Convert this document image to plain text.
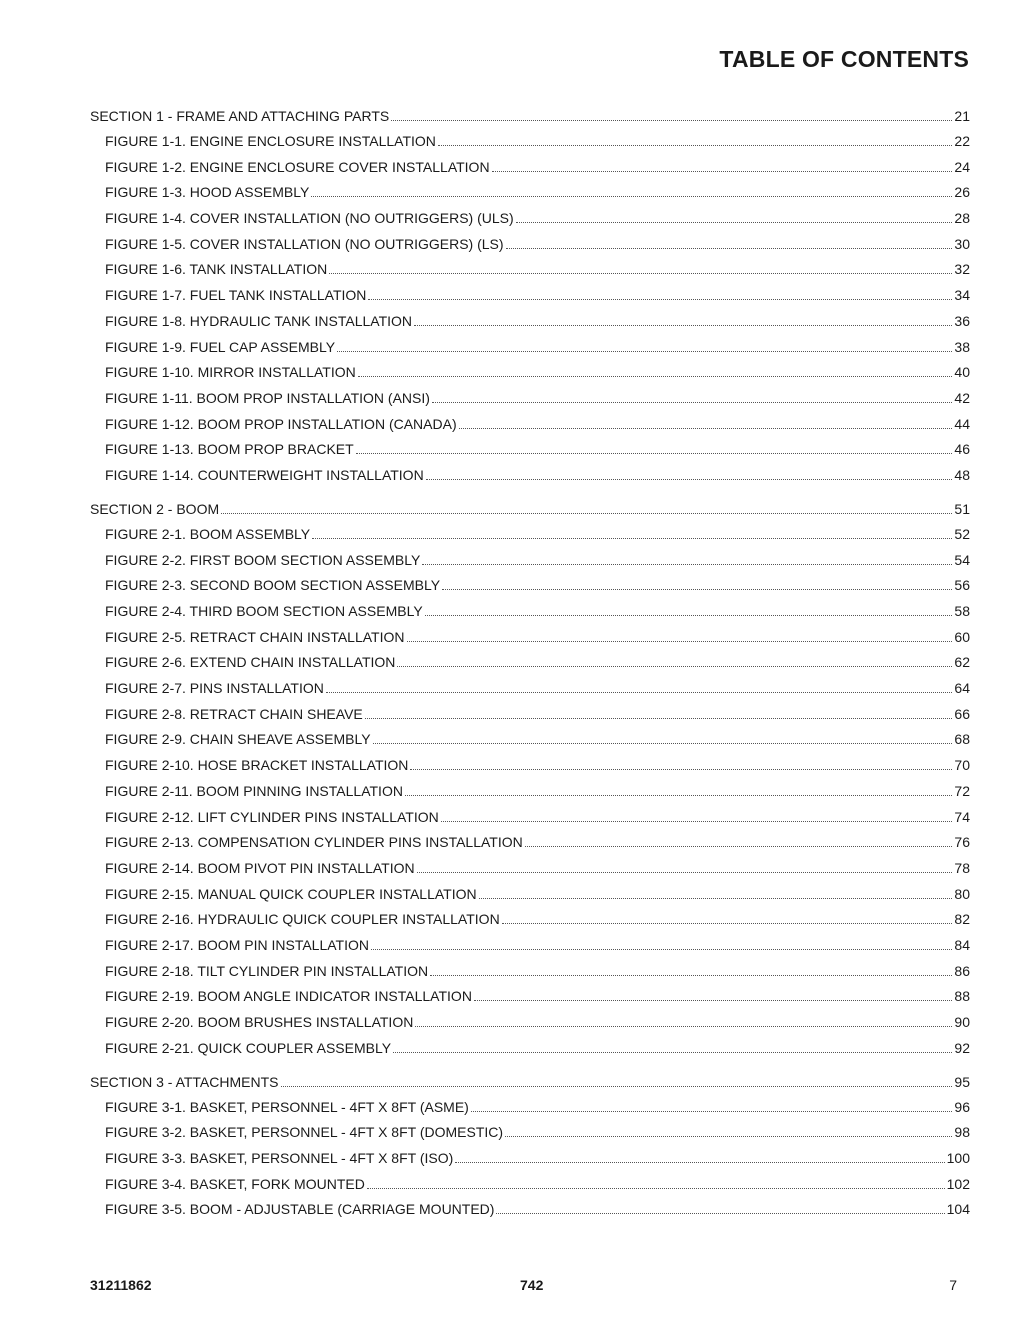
TABLE OF CONTENTS
SECTION 1 - FRAME AND ATTACHING PARTS	21
FIGURE 1-1. ENGINE ENCLOSURE INSTALLATION	22
FIGURE 1-2. ENGINE ENCLOSURE COVER INSTALLATION	24
FIGURE 1-3. HOOD ASSEMBLY	26
FIGURE 1-4. COVER INSTALLATION (NO OUTRIGGERS) (ULS)	28
FIGURE 1-5. COVER INSTALLATION (NO OUTRIGGERS) (LS)	30
FIGURE 1-6. TANK INSTALLATION	32
FIGURE 1-7. FUEL TANK INSTALLATION	34
FIGURE 1-8. HYDRAULIC TANK INSTALLATION	36
FIGURE 1-9. FUEL CAP ASSEMBLY	38
FIGURE 1-10. MIRROR INSTALLATION	40
FIGURE 1-11. BOOM PROP INSTALLATION (ANSI)	42
FIGURE 1-12. BOOM PROP INSTALLATION (CANADA)	44
FIGURE 1-13. BOOM PROP BRACKET	46
FIGURE 1-14. COUNTERWEIGHT INSTALLATION	48
SECTION 2 - BOOM	51
FIGURE 2-1. BOOM ASSEMBLY	52
FIGURE 2-2. FIRST BOOM SECTION ASSEMBLY	54
FIGURE 2-3. SECOND BOOM SECTION ASSEMBLY	56
FIGURE 2-4. THIRD BOOM SECTION ASSEMBLY	58
FIGURE 2-5. RETRACT CHAIN INSTALLATION	60
FIGURE 2-6. EXTEND CHAIN INSTALLATION	62
FIGURE 2-7. PINS INSTALLATION	64
FIGURE 2-8. RETRACT CHAIN SHEAVE	66
FIGURE 2-9. CHAIN SHEAVE ASSEMBLY	68
FIGURE 2-10. HOSE BRACKET INSTALLATION	70
FIGURE 2-11. BOOM PINNING INSTALLATION	72
FIGURE 2-12. LIFT CYLINDER PINS INSTALLATION	74
FIGURE 2-13. COMPENSATION CYLINDER PINS INSTALLATION	76
FIGURE 2-14. BOOM PIVOT PIN INSTALLATION	78
FIGURE 2-15. MANUAL QUICK COUPLER INSTALLATION	80
FIGURE 2-16. HYDRAULIC QUICK COUPLER INSTALLATION	82
FIGURE 2-17. BOOM PIN INSTALLATION	84
FIGURE 2-18. TILT CYLINDER PIN INSTALLATION	86
FIGURE 2-19. BOOM ANGLE INDICATOR INSTALLATION	88
FIGURE 2-20. BOOM BRUSHES INSTALLATION	90
FIGURE 2-21. QUICK COUPLER ASSEMBLY	92
SECTION 3 - ATTACHMENTS	95
FIGURE 3-1. BASKET, PERSONNEL - 4FT X 8FT (ASME)	96
FIGURE 3-2. BASKET, PERSONNEL - 4FT X 8FT (DOMESTIC)	98
FIGURE 3-3. BASKET, PERSONNEL - 4FT X 8FT (ISO)	100
FIGURE 3-4. BASKET, FORK MOUNTED	102
FIGURE 3-5. BOOM - ADJUSTABLE (CARRIAGE MOUNTED)	104
31211862	742	7
